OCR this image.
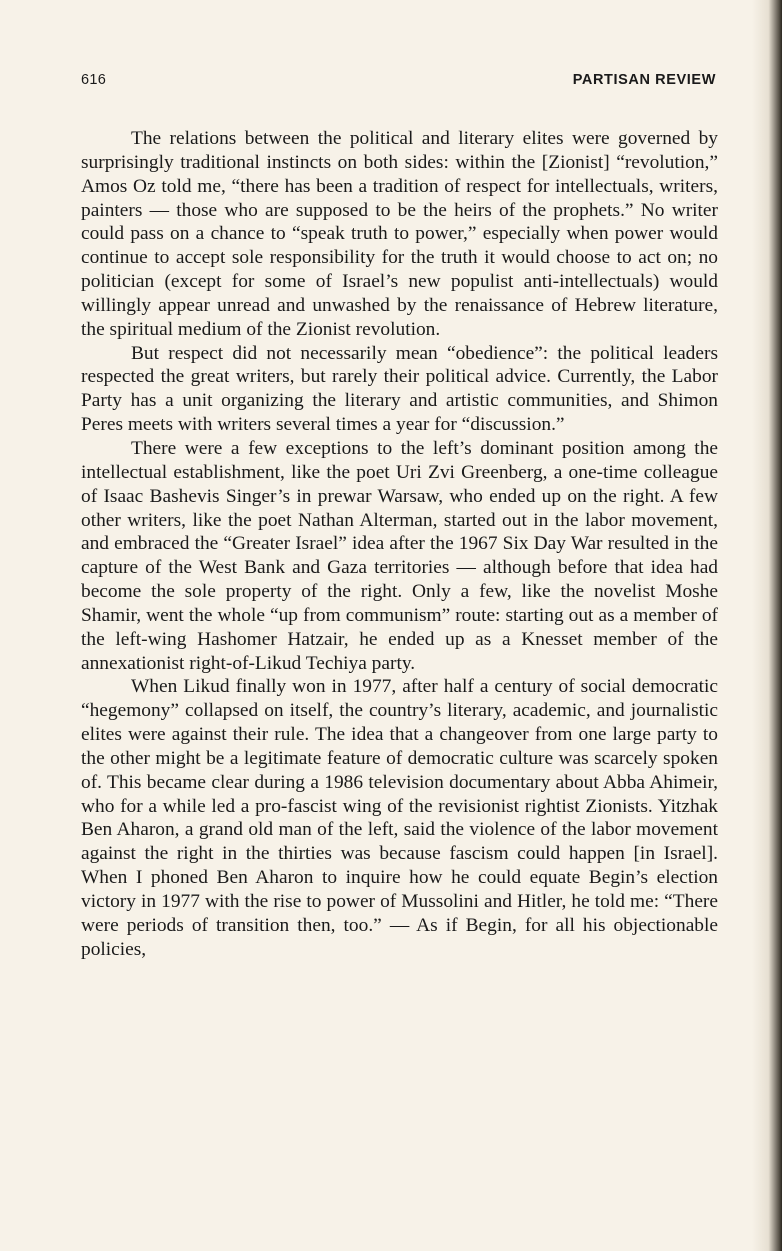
616	PARTISAN REVIEW

The relations between the political and literary elites were governed by surprisingly traditional instincts on both sides: within the [Zionist] “revolution,” Amos Oz told me, “there has been a tradition of respect for intellectuals, writers, painters — those who are supposed to be the heirs of the prophets.” No writer could pass on a chance to “speak truth to power,” especially when power would continue to accept sole responsibility for the truth it would choose to act on; no politician (except for some of Israel’s new populist anti-intellectuals) would willingly appear unread and unwashed by the renaissance of Hebrew literature, the spiritual medium of the Zionist revolution.

But respect did not necessarily mean “obedience”: the political leaders respected the great writers, but rarely their political advice. Currently, the Labor Party has a unit organizing the literary and artistic communities, and Shimon Peres meets with writers several times a year for “discussion.”

There were a few exceptions to the left’s dominant position among the intellectual establishment, like the poet Uri Zvi Greenberg, a one-time colleague of Isaac Bashevis Singer’s in prewar Warsaw, who ended up on the right. A few other writers, like the poet Nathan Alterman, started out in the labor movement, and embraced the “Greater Israel” idea after the 1967 Six Day War resulted in the capture of the West Bank and Gaza territories — although before that idea had become the sole property of the right. Only a few, like the novelist Moshe Shamir, went the whole “up from communism” route: starting out as a member of the left-wing Hashomer Hatzair, he ended up as a Knesset member of the annexationist right-of-Likud Techiya party.

When Likud finally won in 1977, after half a century of social democratic “hegemony” collapsed on itself, the country’s literary, academic, and journalistic elites were against their rule. The idea that a changeover from one large party to the other might be a legitimate feature of democratic culture was scarcely spoken of. This became clear during a 1986 television documentary about Abba Ahimeir, who for a while led a pro-fascist wing of the revisionist rightist Zionists. Yitzhak Ben Aharon, a grand old man of the left, said the violence of the labor movement against the right in the thirties was because fascism could happen [in Israel]. When I phoned Ben Aharon to inquire how he could equate Begin’s election victory in 1977 with the rise to power of Mussolini and Hitler, he told me: “There were periods of transition then, too.” — As if Begin, for all his objectionable policies,
